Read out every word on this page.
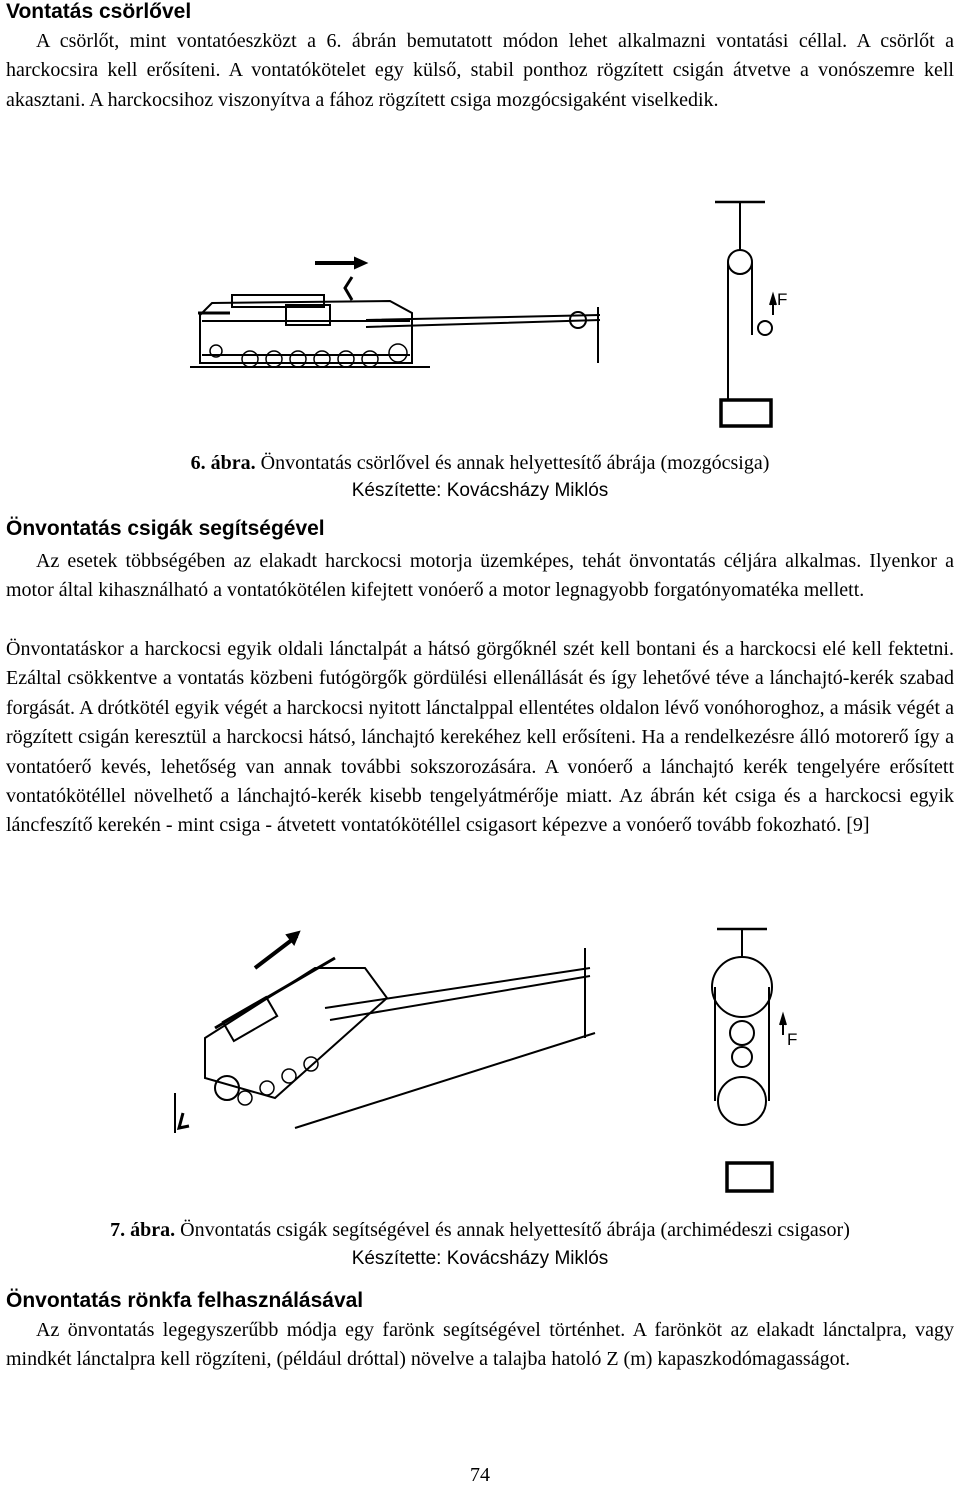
Vontatás csörlővel

A csörlőt, mint vontatóeszközt a 6. ábrán bemutatott módon lehet alkalmazni vontatási céllal. A csörlőt a harckocsira kell erősíteni. A vontatókötelet egy külső, stabil ponthoz rögzített csigán átvetve a vonószemre kell akasztani. A harckocsihoz viszonyítva a fához rögzített csiga mozgócsigaként viselkedik.

F

6. ábra. Önvontatás csörlővel és annak helyettesítő ábrája (mozgócsiga)

Készítette: Kovácsházy Miklós

Önvontatás csigák segítségével

Az esetek többségében az elakadt harckocsi motorja üzemképes, tehát önvontatás céljára alkalmas. Ilyenkor a motor által kihasználható a vontatókötélen kifejtett vonóerő a motor legnagyobb forgatónyomatéka mellett.

Önvontatáskor a harckocsi egyik oldali lánctalpát a hátsó görgőknél szét kell bontani és a harckocsi elé kell fektetni. Ezáltal csökkentve a vontatás közbeni futógörgők gördülési ellenállását és így lehetővé téve a lánchajtó-kerék szabad forgását. A drótkötél egyik végét a harckocsi nyitott lánctalppal ellentétes oldalon lévő vonóhoroghoz, a másik végét a rögzített csigán keresztül a harckocsi hátsó, lánchajtó kerekéhez kell erősíteni. Ha a rendelkezésre álló motorerő így a vontatóerő kevés, lehetőség van annak további sokszorozására. A vonóerő a lánchajtó kerék tengelyére erősített vontatókötéllel növelhető a lánchajtó-kerék kisebb tengelyátmérője miatt. Az ábrán két csiga és a harckocsi egyik láncfeszítő kerekén - mint csiga - átvetett vontatókötéllel csigasort képezve a vonóerő tovább fokozható. [9]

F

7. ábra. Önvontatás csigák segítségével és annak helyettesítő ábrája (archimédeszi csigasor)

Készítette: Kovácsházy Miklós

Önvontatás rönkfa felhasználásával

Az önvontatás legegyszerűbb módja egy farönk segítségével történhet. A farönköt az elakadt lánctalpra, vagy mindkét lánctalpra kell rögzíteni, (például dróttal) növelve a talajba hatoló Z (m) kapaszkodómagasságot.

74
